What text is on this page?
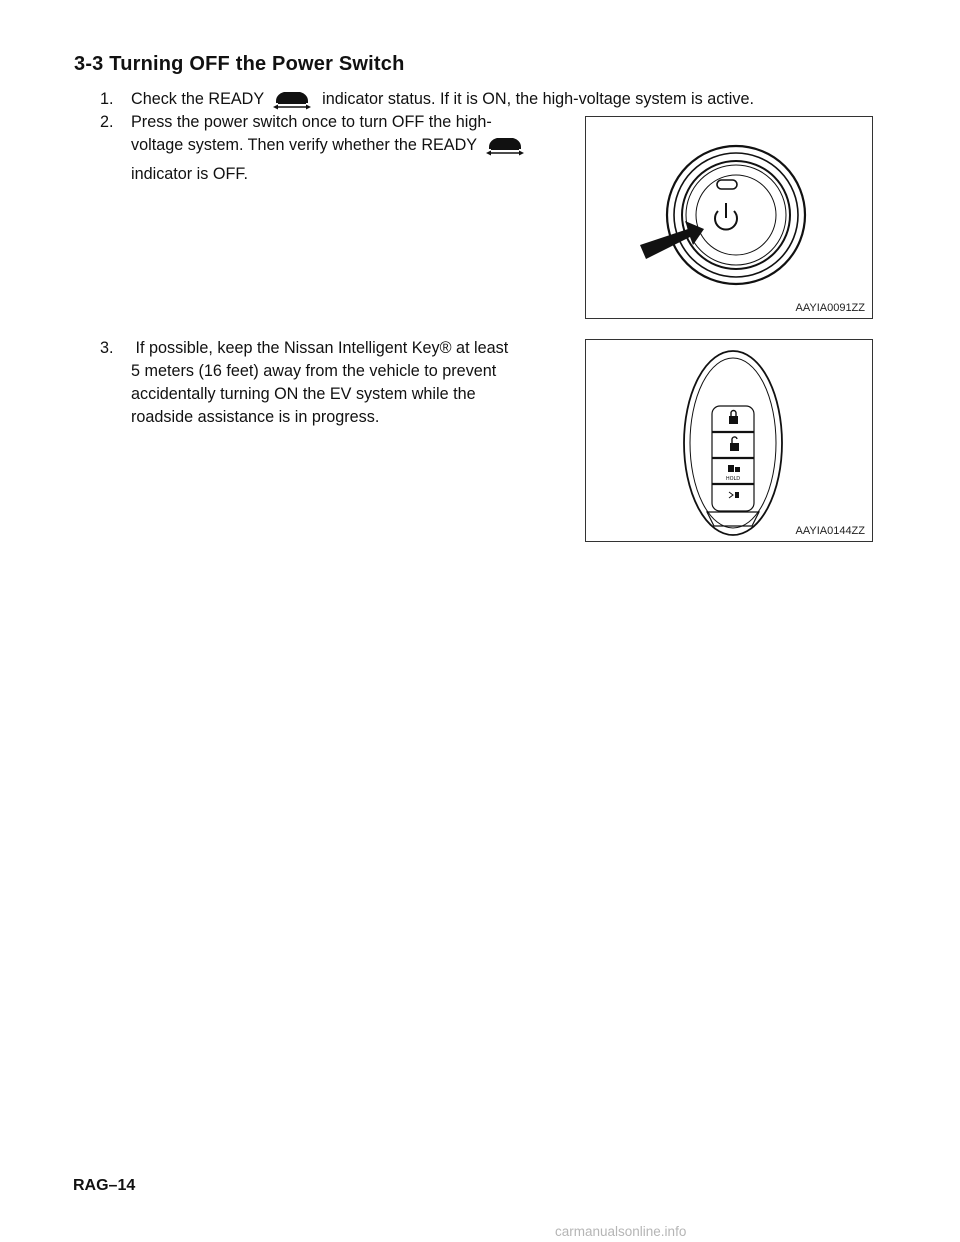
3-3 Turning OFF the Power Switch
1. Check the READY	indicator status. If it is ON, the high-voltage system is active.
2. Press the power switch once to turn OFF the high-
voltage system. Then verify whether the READY
indicator is OFF.
AAYIA0091ZZ
3. If possible, keep the Nissan Intelligent Key® at least
5 meters (16 feet) away from the vehicle to prevent
accidentally turning ON the EV system while the
roadside assistance is in progress.
HOLD
AAYIA0144ZZ
RAG–14
carmanualsonline.info
